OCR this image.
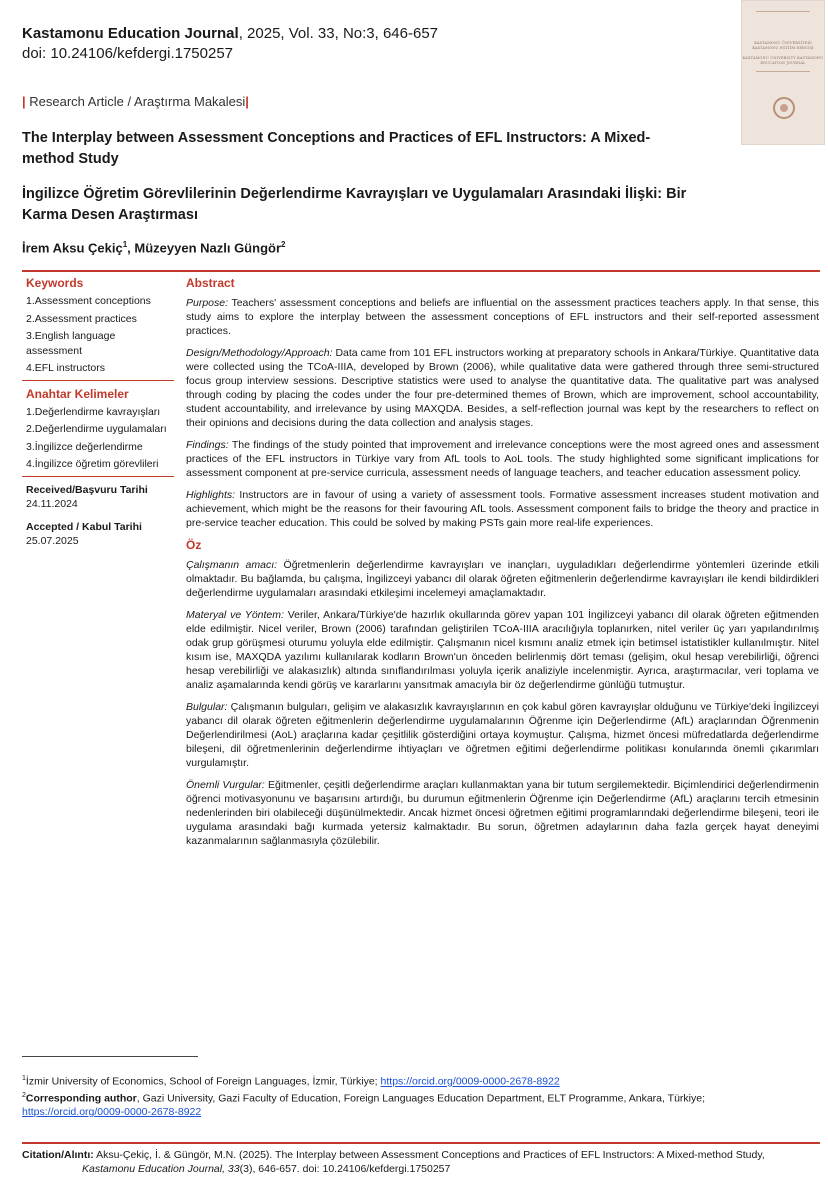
Kastamonu Education Journal, 2025, Vol. 33, No:3, 646-657
doi: 10.24106/kefdergi.1750257
KASTAMONU ÜNİVERSİTESİ KASTAMONU EĞİTİM DERGİSİ
KASTAMONU UNIVERSITY KASTAMONU EDUCATION JOURNAL
| Research Article / Araştırma Makalesi|
The Interplay between Assessment Conceptions and Practices of EFL Instructors: A Mixed-method Study
İngilizce Öğretim Görevlilerinin Değerlendirme Kavrayışları ve Uygulamaları Arasındaki İlişki: Bir Karma Desen Araştırması
İrem Aksu Çekiç$^1$, Müzeyyen Nazlı Güngör$^2$
Keywords
1.Assessment conceptions
2.Assessment practices
3.English language assessment
4.EFL instructors
Anahtar Kelimeler
1.Değerlendirme kavrayışları
2.Değerlendirme uygulamaları
3.İngilizce değerlendirme
4.İngilizce öğretim görevlileri
Received/Başvuru Tarihi
24.11.2024
Accepted / Kabul Tarihi
25.07.2025
Abstract

Purpose: Teachers' assessment conceptions and beliefs are influential on the assessment practices teachers apply. In that sense, this study aims to explore the interplay between the assessment conceptions of EFL instructors and their self-reported assessment practices.

Design/Methodology/Approach: Data came from 101 EFL instructors working at preparatory schools in Ankara/Türkiye. Quantitative data were collected using the TCoA-IIIA, developed by Brown (2006), while qualitative data were gathered through three semi-structured focus group interview sessions. Descriptive statistics were used to analyse the quantitative data. The qualitative part was analysed through coding by placing the codes under the four pre-determined themes of Brown, which are improvement, school accountability, student accountability, and irrelevance by using MAXQDA. Besides, a self-reflection journal was kept by the researchers to reflect on their opinions and decisions during the data collection and analysis stages.

Findings: The findings of the study pointed that improvement and irrelevance conceptions were the most agreed ones and assessment practices of the EFL instructors in Türkiye vary from AfL tools to AoL tools. The study highlighted some significant implications for assessment component at pre-service curricula, assessment needs of language teachers, and teacher education assessment policy.

Highlights: Instructors are in favour of using a variety of assessment tools. Formative assessment increases student motivation and achievement, which might be the reasons for their favouring AfL tools. Assessment component fails to bridge the theory and practice in pre-service teacher education. This could be solved by making PSTs gain more real-life experiences.

Öz

Çalışmanın amacı: Öğretmenlerin değerlendirme kavrayışları ve inançları, uyguladıkları değerlendirme yöntemleri üzerinde etkili olmaktadır. Bu bağlamda, bu çalışma, İngilizceyi yabancı dil olarak öğreten eğitmenlerin değerlendirme kavrayışları ile kendi bildirdikleri değerlendirme uygulamaları arasındaki etkileşimi incelemeyi amaçlamaktadır.

Materyal ve Yöntem: Veriler, Ankara/Türkiye'de hazırlık okullarında görev yapan 101 İngilizceyi yabancı dil olarak öğreten eğitmenden elde edilmiştir. Nicel veriler, Brown (2006) tarafından geliştirilen TCoA-IIIA aracılığıyla toplanırken, nitel veriler üç yarı yapılandırılmış odak grup görüşmesi oturumu yoluyla elde edilmiştir. Çalışmanın nicel kısmını analiz etmek için betimsel istatistikler kullanılmıştır. Nitel kısım ise, MAXQDA yazılımı kullanılarak kodların Brown'un önceden belirlenmiş dört teması (gelişim, okul hesap verebilirliği, öğrenci hesap verebilirliği ve alakasızlık) altında sınıflandırılması yoluyla içerik analiziyle incelenmiştir. Ayrıca, araştırmacılar, veri toplama ve analiz aşamalarında kendi görüş ve kararlarını yansıtmak amacıyla bir öz değerlendirme günlüğü tutmuştur.

Bulgular: Çalışmanın bulguları, gelişim ve alakasızlık kavrayışlarının en çok kabul gören kavrayışlar olduğunu ve Türkiye'deki İngilizceyi yabancı dil olarak öğreten eğitmenlerin değerlendirme uygulamalarının Öğrenme için Değerlendirme (AfL) araçlarından Öğrenmenin Değerlendirilmesi (AoL) araçlarına kadar çeşitlilik gösterdiğini ortaya koymuştur. Çalışma, hizmet öncesi müfredatlarda değerlendirme bileşeni, dil öğretmenlerinin değerlendirme ihtiyaçları ve öğretmen eğitimi değerlendirme politikası konularında önemli çıkarımları vurgulamıştır.

Önemli Vurgular: Eğitmenler, çeşitli değerlendirme araçları kullanmaktan yana bir tutum sergilemektedir. Biçimlendirici değerlendirmenin öğrenci motivasyonunu ve başarısını artırdığı, bu durumun eğitmenlerin Öğrenme için Değerlendirme (AfL) araçlarını tercih etmesinin nedenlerinden biri olabileceği düşünülmektedir. Ancak hizmet öncesi öğretmen eğitimi programlarındaki değerlendirme bileşeni, teori ile uygulama arasındaki bağı kurmada yetersiz kalmaktadır. Bu sorun, öğretmen adaylarının daha fazla gerçek hayat deneyimi kazanmalarının sağlanmasıyla çözülebilir.

$^1$İzmir University of Economics, School of Foreign Languages, İzmir, Türkiye; https://orcid.org/0009-0000-2678-8922
$^2$Corresponding author, Gazi University, Gazi Faculty of Education, Foreign Languages Education Department, ELT Programme, Ankara, Türkiye;
https://orcid.org/0009-0000-2678-8922
Citation/Alıntı: Aksu-Çekiç, İ. & Güngör, M.N. (2025). The Interplay between Assessment Conceptions and Practices of EFL Instructors: A Mixed-method Study,
Kastamonu Education Journal, 33(3), 646-657. doi: 10.24106/kefdergi.1750257
